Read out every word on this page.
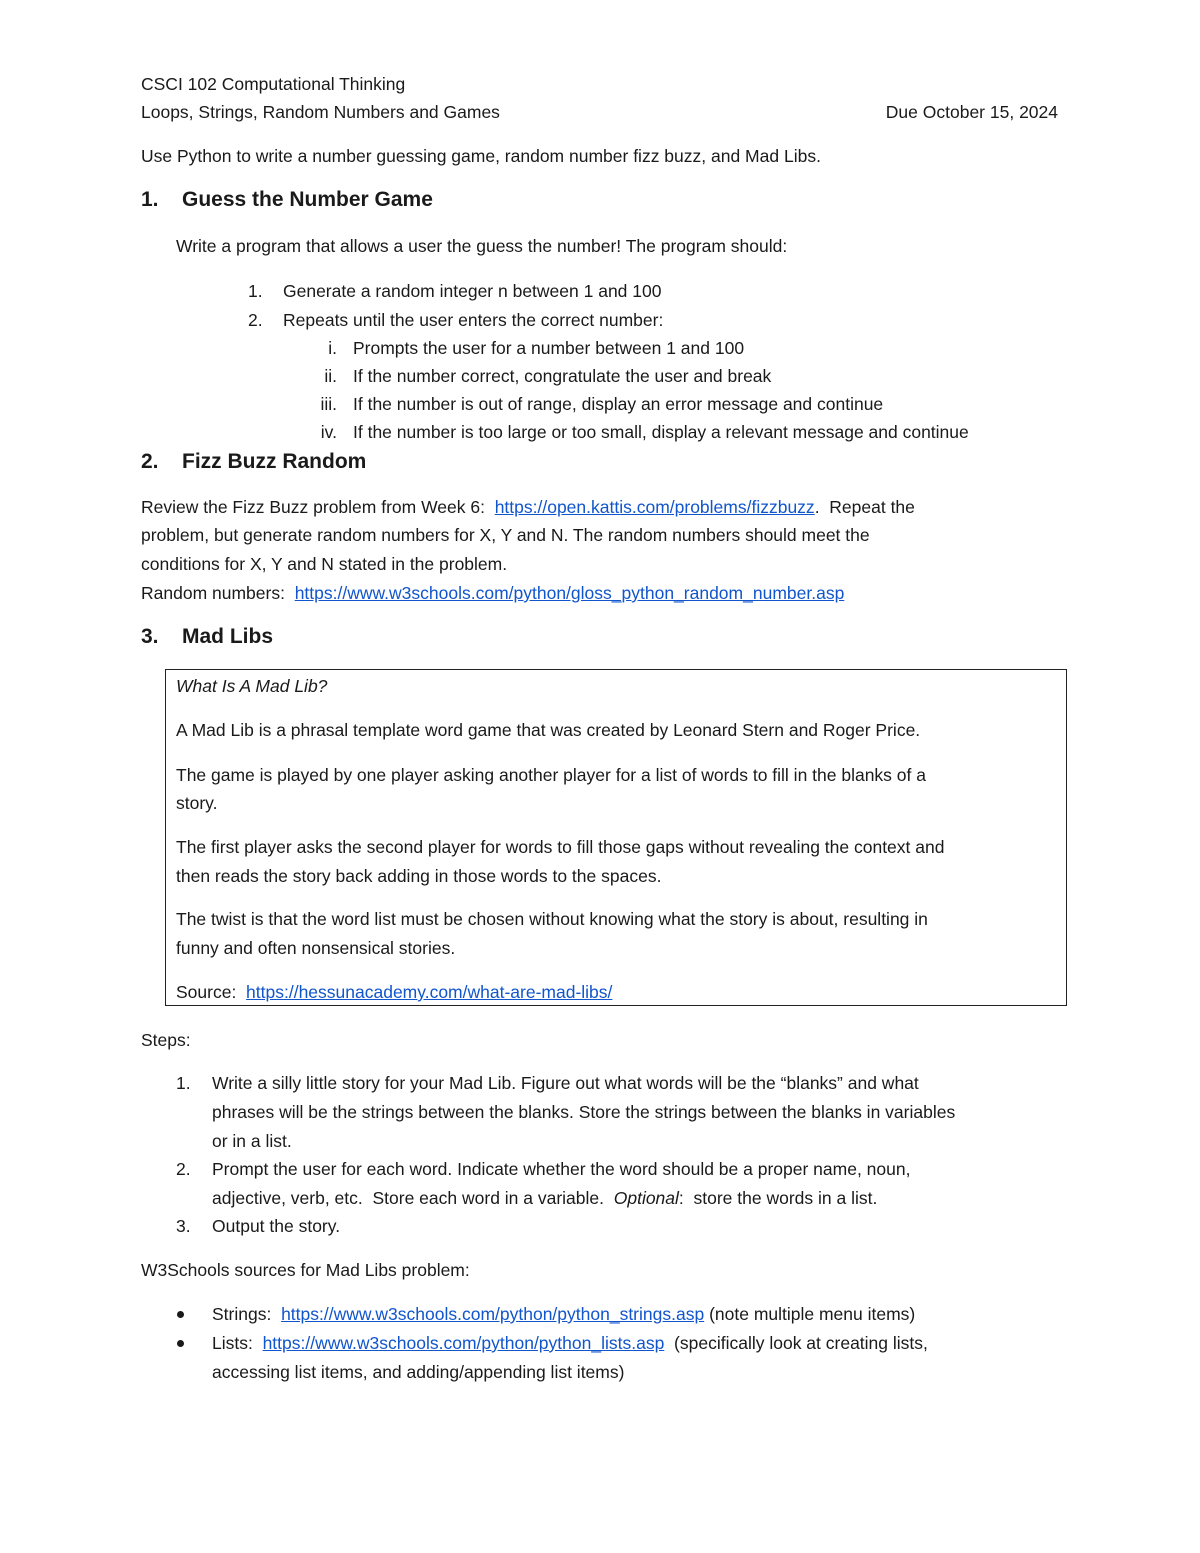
CSCI 102 Computational Thinking
Loops, Strings, Random Numbers and Games	Due October 15, 2024
Use Python to write a number guessing game, random number fizz buzz, and Mad Libs.
1. Guess the Number Game
Write a program that allows a user the guess the number! The program should:
1. Generate a random integer n between 1 and 100
2. Repeats until the user enters the correct number:
i. Prompts the user for a number between 1 and 100
ii. If the number correct, congratulate the user and break
iii. If the number is out of range, display an error message and continue
iv. If the number is too large or too small, display a relevant message and continue
2. Fizz Buzz Random
Review the Fizz Buzz problem from Week 6:  https://open.kattis.com/problems/fizzbuzz.  Repeat the
problem, but generate random numbers for X, Y and N. The random numbers should meet the
conditions for X, Y and N stated in the problem.
Random numbers:  https://www.w3schools.com/python/gloss_python_random_number.asp
3. Mad Libs
What Is A Mad Lib?
A Mad Lib is a phrasal template word game that was created by Leonard Stern and Roger Price.
The game is played by one player asking another player for a list of words to fill in the blanks of a
story.
The first player asks the second player for words to fill those gaps without revealing the context and
then reads the story back adding in those words to the spaces.
The twist is that the word list must be chosen without knowing what the story is about, resulting in
funny and often nonsensical stories.
Source:  https://hessunacademy.com/what-are-mad-libs/
Steps:
1. Write a silly little story for your Mad Lib. Figure out what words will be the “blanks” and what
phrases will be the strings between the blanks. Store the strings between the blanks in variables
or in a list.
2. Prompt the user for each word. Indicate whether the word should be a proper name, noun,
adjective, verb, etc.  Store each word in a variable.  Optional:  store the words in a list.
3. Output the story.
W3Schools sources for Mad Libs problem:
Strings:  https://www.w3schools.com/python/python_strings.asp (note multiple menu items)
Lists:  https://www.w3schools.com/python/python_lists.asp  (specifically look at creating lists,
accessing list items, and adding/appending list items)
